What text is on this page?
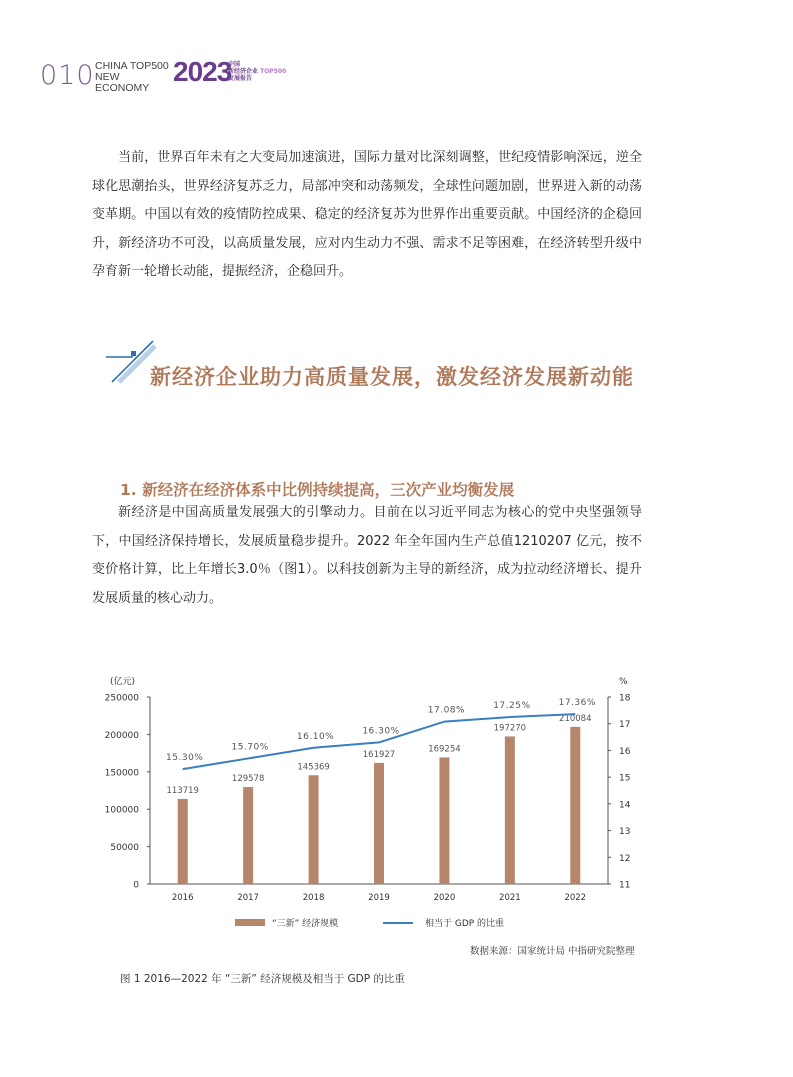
010 CHINA TOP500
NEW ECONOMY
2023
中国
新经济企业 TOP500
发展报告

当前，世界百年未有之大变局加速演进，国际力量对比深刻调整，世纪疫情影响深远，逆全球化思潮抬头，世界经济复苏乏力，局部冲突和动荡频发，全球性问题加剧，世界进入新的动荡变革期。中国以有效的疫情防控成果、稳定的经济复苏为世界作出重要贡献。中国经济的企稳回升，新经济功不可没，以高质量发展，应对内生动力不强、需求不足等困难，在经济转型升级中孕育新一轮增长动能，提振经济，企稳回升。

新经济企业助力高质量发展，激发经济发展新动能
1. 新经济在经济体系中比例持续提高，三次产业均衡发展

新经济是中国高质量发展强大的引擎动力。目前在以习近平同志为核心的党中央坚强领导下，中国经济保持增长，发展质量稳步提升。2022 年全年国内生产总值1210207 亿元，按不变价格计算，比上年增长3.0％（图1）。以科技创新为主导的新经济，成为拉动经济增长、提升发展质量的核心动力。

(亿元)	%
0
50000
100000
150000
200000
250000
11
12
13
14
15
16
17
18
113719
129578
145369
161927
169254
197270
210084
2016	2017	2018	2019	2020	2021	2022
15.30%
15.70%
16.10%
16.30%
17.08%	17.25%	17.36%
“三新” 经济规模	相当于 GDP 的比重

数据来源：国家统计局 中指研究院整理

图 1 2016—2022 年 “三新” 经济规模及相当于 GDP 的比重
